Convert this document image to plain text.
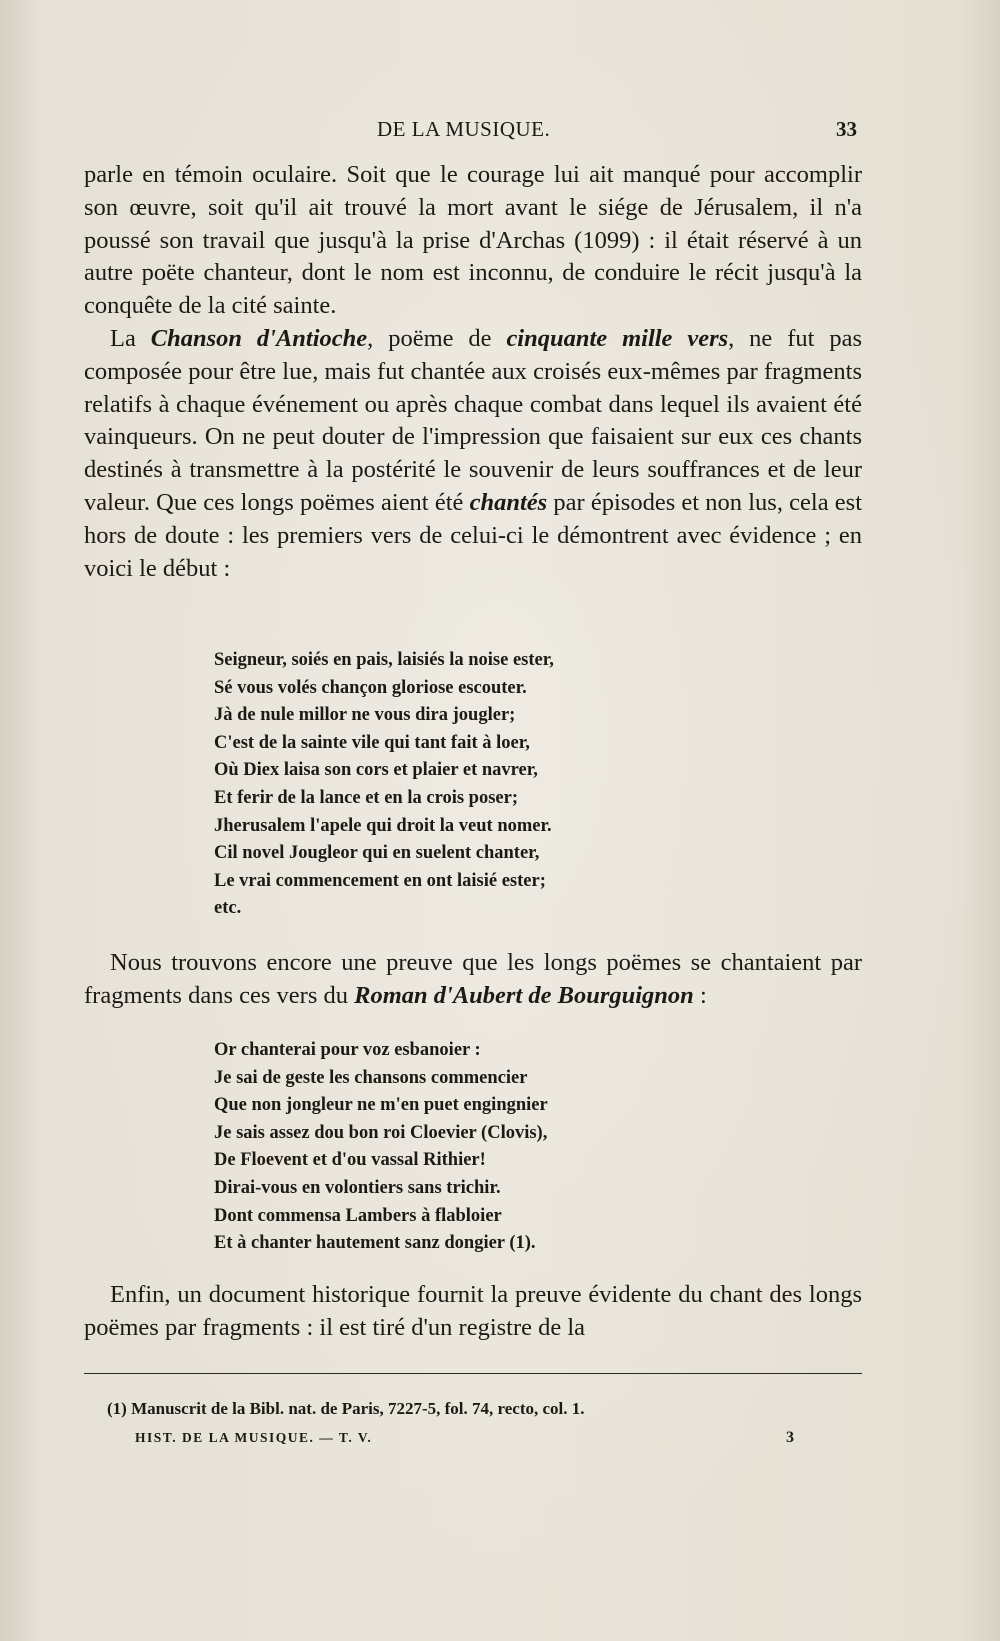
DE LA MUSIQUE.	33

parle en témoin oculaire. Soit que le courage lui ait manqué pour accomplir son œuvre, soit qu'il ait trouvé la mort avant le siége de Jérusalem, il n'a poussé son travail que jusqu'à la prise d'Archas (1099) : il était réservé à un autre poëte chanteur, dont le nom est inconnu, de conduire le récit jusqu'à la conquête de la cité sainte.

La Chanson d'Antioche, poëme de cinquante mille vers, ne fut pas composée pour être lue, mais fut chantée aux croisés eux-mêmes par fragments relatifs à chaque événement ou après chaque combat dans lequel ils avaient été vainqueurs. On ne peut douter de l'impression que faisaient sur eux ces chants destinés à transmettre à la postérité le souvenir de leurs souffrances et de leur valeur. Que ces longs poëmes aient été chantés par épisodes et non lus, cela est hors de doute : les premiers vers de celui-ci le démontrent avec évidence ; en voici le début :

Seigneur, soiés en pais, laisiés la noise ester,
Sé vous volés chançon gloriose escouter.
Jà de nule millor ne vous dira jougler;
C'est de la sainte vile qui tant fait à loer,
Où Diex laisa son cors et plaier et navrer,
Et ferir de la lance et en la crois poser;
Jherusalem l'apele qui droit la veut nomer.
Cil novel Jougleor qui en suelent chanter,
Le vrai commencement en ont laisié ester;
etc.

Nous trouvons encore une preuve que les longs poëmes se chantaient par fragments dans ces vers du Roman d'Aubert de Bourguignon :

Or chanterai pour voz esbanoier :
Je sai de geste les chansons commencier
Que non jongleur ne m'en puet engingnier
Je sais assez dou bon roi Cloevier (Clovis),
De Floevent et d'ou vassal Rithier!
Dirai-vous en volontiers sans trichir.
Dont commensa Lambers à flabloier
Et à chanter hautement sanz dongier (1).

Enfin, un document historique fournit la preuve évidente du chant des longs poëmes par fragments : il est tiré d'un registre de la

(1) Manuscrit de la Bibl. nat. de Paris, 7227-5, fol. 74, recto, col. 1.
HIST. DE LA MUSIQUE. — T. V.	3
